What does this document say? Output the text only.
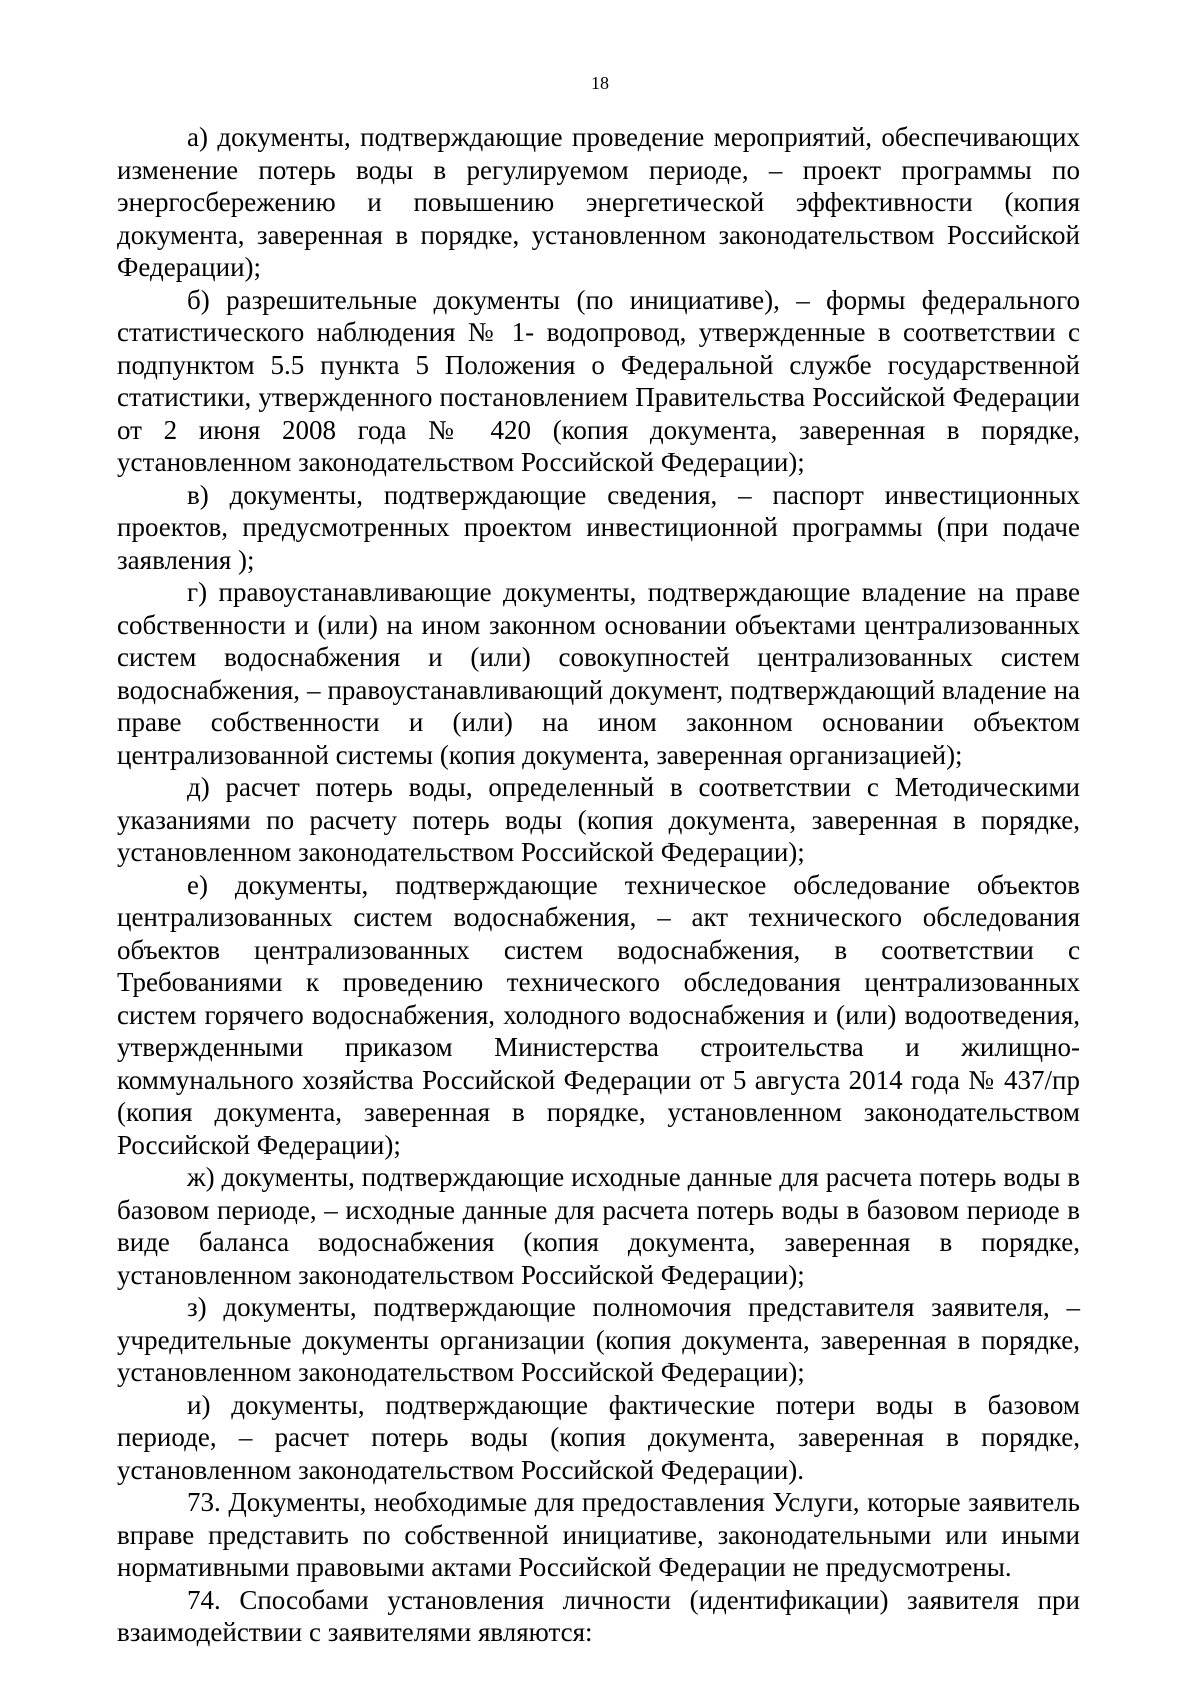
18

а) документы, подтверждающие проведение мероприятий, обеспечивающих изменение потерь воды в регулируемом периоде, – проект программы по энергосбережению и повышению энергетической эффективности (копия документа, заверенная в порядке, установленном законодательством Российской Федерации);

б) разрешительные документы (по инициативе), – формы федерального статистического наблюдения № 1- водопровод, утвержденные в соответствии с подпунктом 5.5 пункта 5 Положения о Федеральной службе государственной статистики, утвержденного постановлением Правительства Российской Федерации от 2 июня 2008 года № 420 (копия документа, заверенная в порядке, установленном законодательством Российской Федерации);

в) документы, подтверждающие сведения, – паспорт инвестиционных проектов, предусмотренных проектом инвестиционной программы (при подаче заявления );

г) правоустанавливающие документы, подтверждающие владение на праве собственности и (или) на ином законном основании объектами централизованных систем водоснабжения и (или) совокупностей централизованных систем водоснабжения, – правоустанавливающий документ, подтверждающий владение на праве собственности и (или) на ином законном основании объектом централизованной системы (копия документа, заверенная организацией);

д) расчет потерь воды, определенный в соответствии с Методическими указаниями по расчету потерь воды (копия документа, заверенная в порядке, установленном законодательством Российской Федерации);

е) документы, подтверждающие техническое обследование объектов централизованных систем водоснабжения, – акт технического обследования объектов централизованных систем водоснабжения, в соответствии с Требованиями к проведению технического обследования централизованных систем горячего водоснабжения, холодного водоснабжения и (или) водоотведения, утвержденными приказом Министерства строительства и жилищно-коммунального хозяйства Российской Федерации от 5 августа 2014 года № 437/пр (копия документа, заверенная в порядке, установленном законодательством Российской Федерации);

ж) документы, подтверждающие исходные данные для расчета потерь воды в базовом периоде, – исходные данные для расчета потерь воды в базовом периоде в виде баланса водоснабжения (копия документа, заверенная в порядке, установленном законодательством Российской Федерации);

з) документы, подтверждающие полномочия представителя заявителя, – учредительные документы организации (копия документа, заверенная в порядке, установленном законодательством Российской Федерации);

и) документы, подтверждающие фактические потери воды в базовом периоде, – расчет потерь воды (копия документа, заверенная в порядке, установленном законодательством Российской Федерации).

73. Документы, необходимые для предоставления Услуги, которые заявитель вправе представить по собственной инициативе, законодательными или иными нормативными правовыми актами Российской Федерации не предусмотрены.

74. Способами установления личности (идентификации) заявителя при взаимодействии с заявителями являются:
